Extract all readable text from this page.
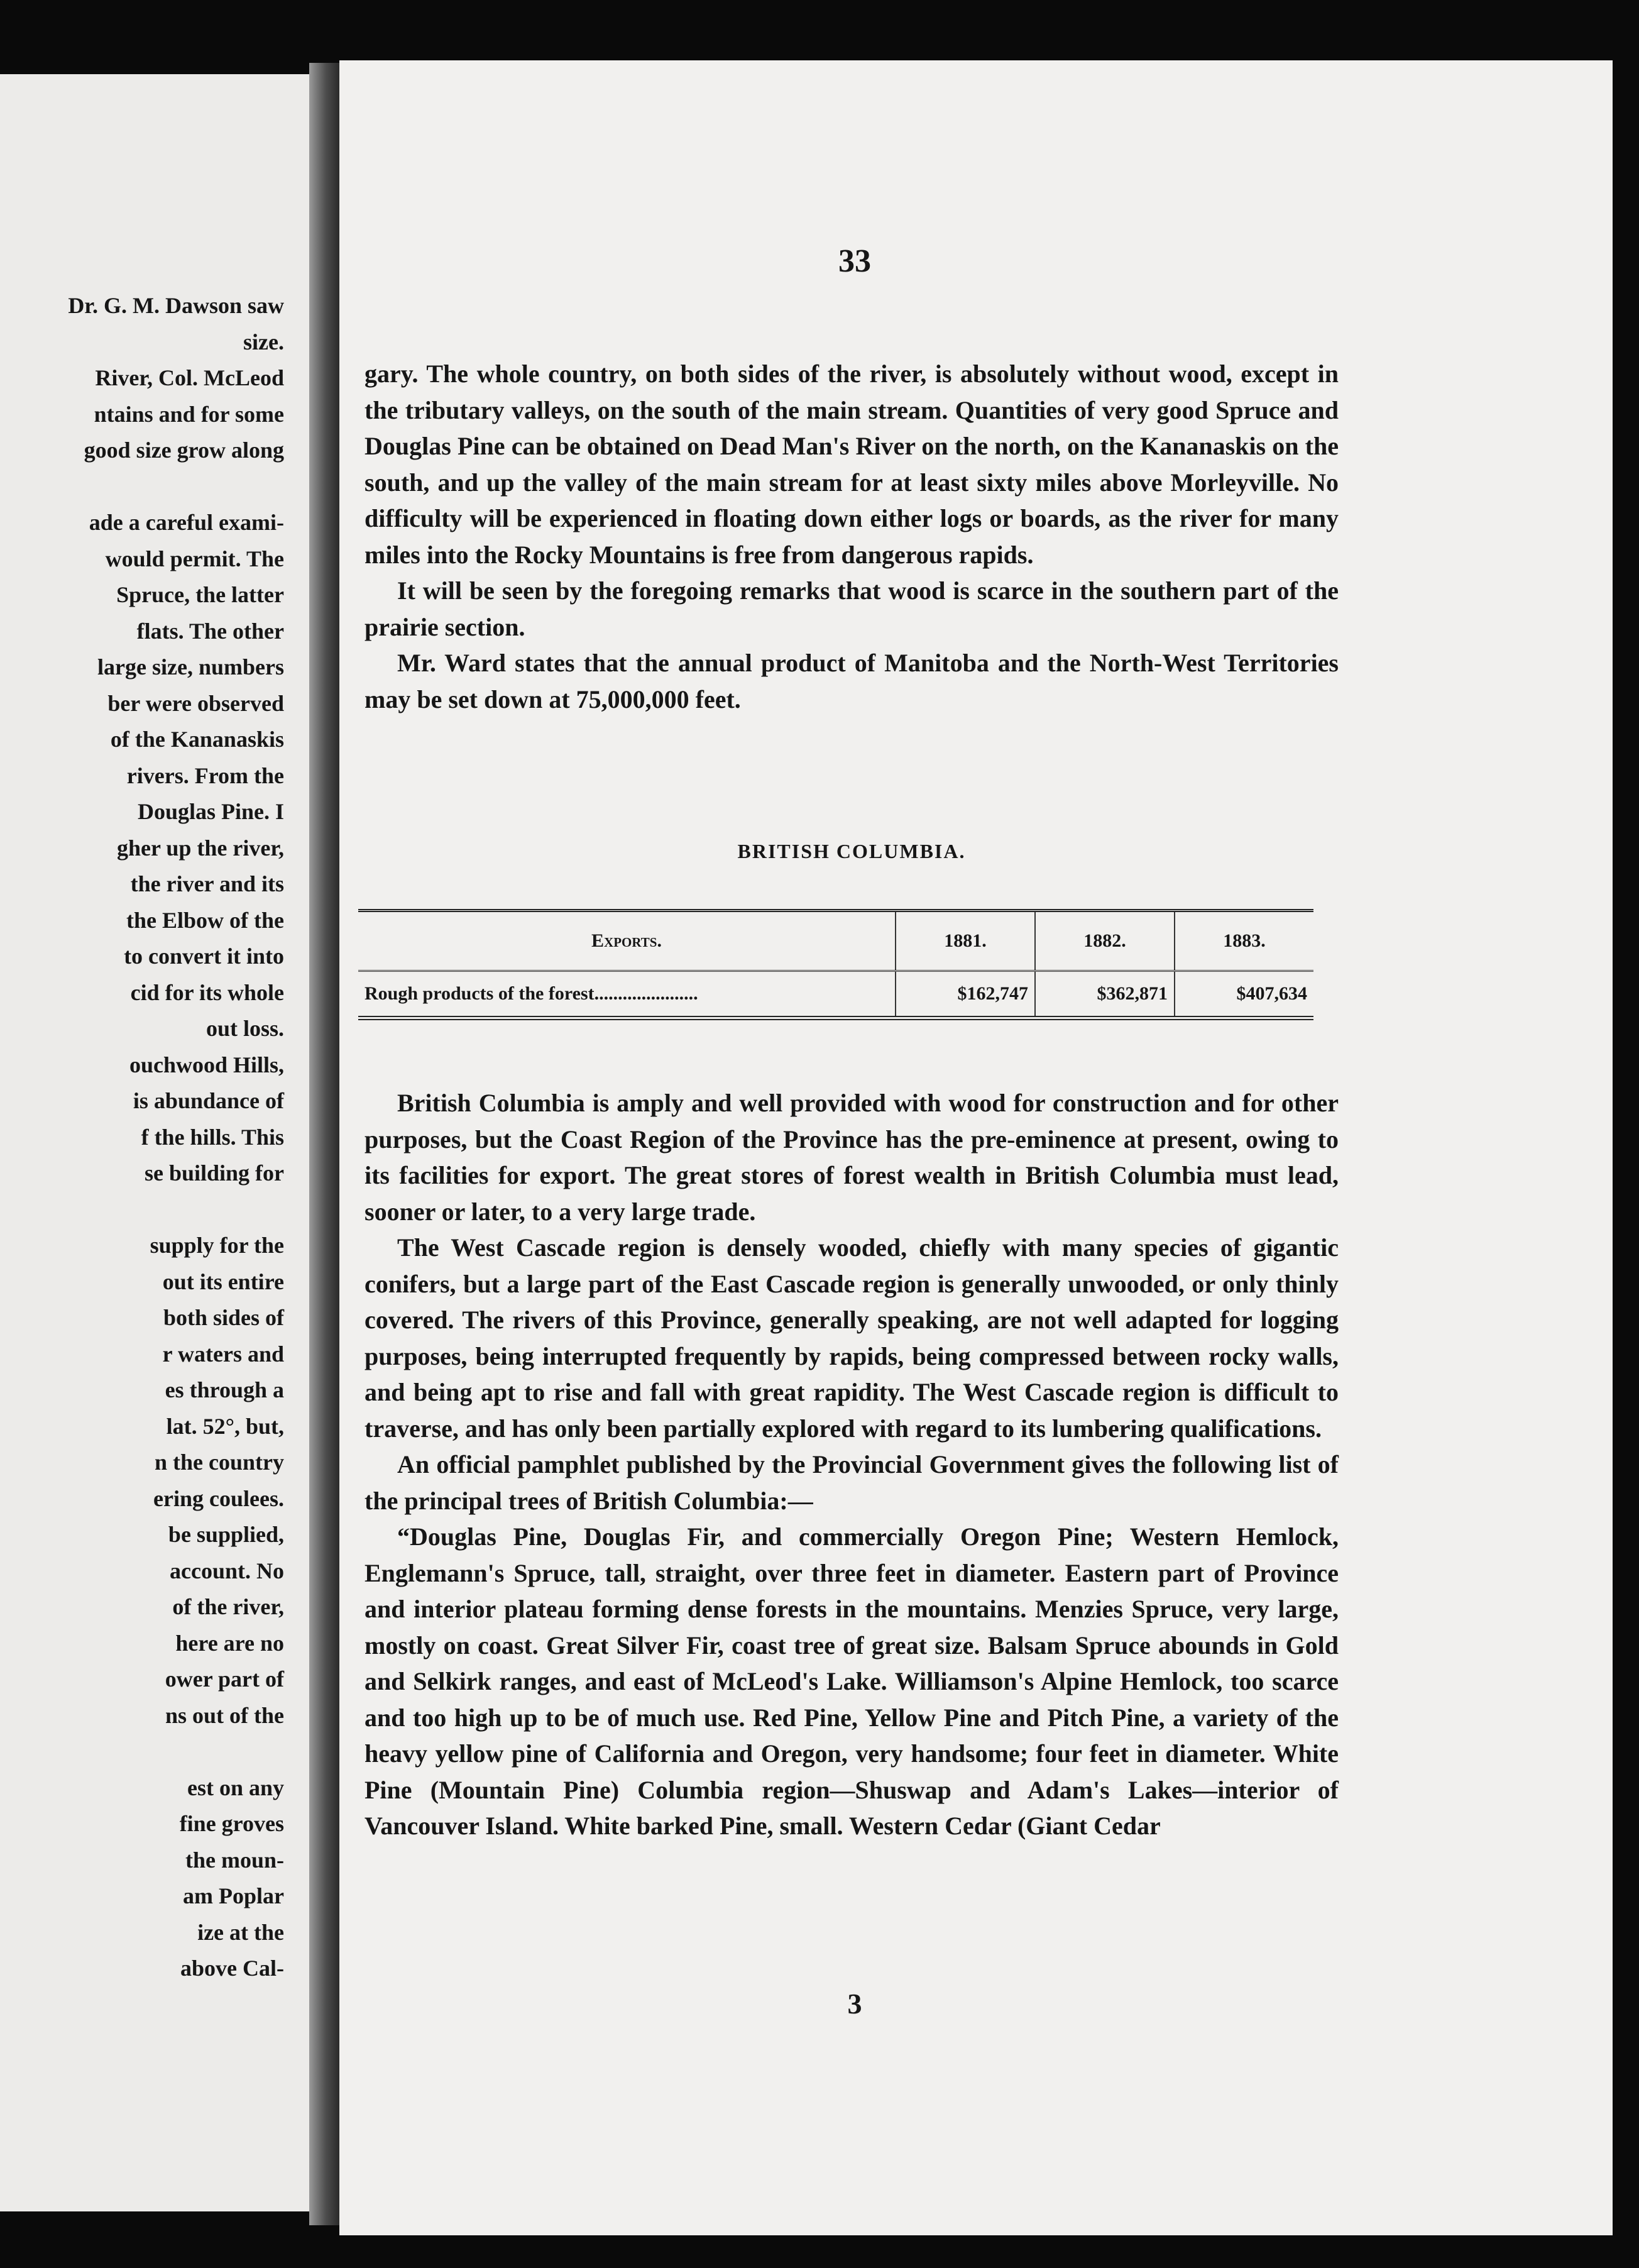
Dr. G. M. Dawson saw
size.
River, Col. McLeod
ntains and for some
good size grow along

ade a careful exami-
would permit. The
Spruce, the latter
flats. The other
large size, numbers
ber were observed
of the Kananaskis
rivers. From the
Douglas Pine. I
gher up the river,
the river and its
the Elbow of the
to convert it into
cid for its whole
out loss.
ouchwood Hills,
is abundance of
f the hills. This
se building for

supply for the
out its entire
both sides of
r waters and
es through a
lat. 52°, but,
n the country
ering coulees.
be supplied,
account. No
of the river,
here are no
ower part of
ns out of the

est on any
fine groves
the moun-
am Poplar
ize at the
above Cal-
33

gary. The whole country, on both sides of the river, is absolutely without wood, except in the tributary valleys, on the south of the main stream. Quantities of very good Spruce and Douglas Pine can be obtained on Dead Man's River on the north, on the Kananaskis on the south, and up the valley of the main stream for at least sixty miles above Morleyville. No difficulty will be experienced in floating down either logs or boards, as the river for many miles into the Rocky Mountains is free from dangerous rapids.

It will be seen by the foregoing remarks that wood is scarce in the southern part of the prairie section.

Mr. Ward states that the annual product of Manitoba and the North-West Territories may be set down at 75,000,000 feet.

BRITISH COLUMBIA.
Exports.	1881.	1882.	1883.
Rough products of the forest......................	$162,747	$362,871	$407,634

British Columbia is amply and well provided with wood for construction and for other purposes, but the Coast Region of the Province has the pre-eminence at present, owing to its facilities for export. The great stores of forest wealth in British Columbia must lead, sooner or later, to a very large trade.

The West Cascade region is densely wooded, chiefly with many species of gigantic conifers, but a large part of the East Cascade region is generally unwooded, or only thinly covered. The rivers of this Province, generally speaking, are not well adapted for logging purposes, being interrupted frequently by rapids, being compressed between rocky walls, and being apt to rise and fall with great rapidity. The West Cascade region is difficult to traverse, and has only been partially explored with regard to its lumbering qualifications.

An official pamphlet published by the Provincial Government gives the following list of the principal trees of British Columbia:—

“Douglas Pine, Douglas Fir, and commercially Oregon Pine; Western Hemlock, Englemann's Spruce, tall, straight, over three feet in diameter. Eastern part of Province and interior plateau forming dense forests in the mountains. Menzies Spruce, very large, mostly on coast. Great Silver Fir, coast tree of great size. Balsam Spruce abounds in Gold and Selkirk ranges, and east of McLeod's Lake. Williamson's Alpine Hemlock, too scarce and too high up to be of much use. Red Pine, Yellow Pine and Pitch Pine, a variety of the heavy yellow pine of California and Oregon, very handsome; four feet in diameter. White Pine (Mountain Pine) Columbia region—Shuswap and Adam's Lakes—interior of Vancouver Island. White barked Pine, small. Western Cedar (Giant Cedar

3
